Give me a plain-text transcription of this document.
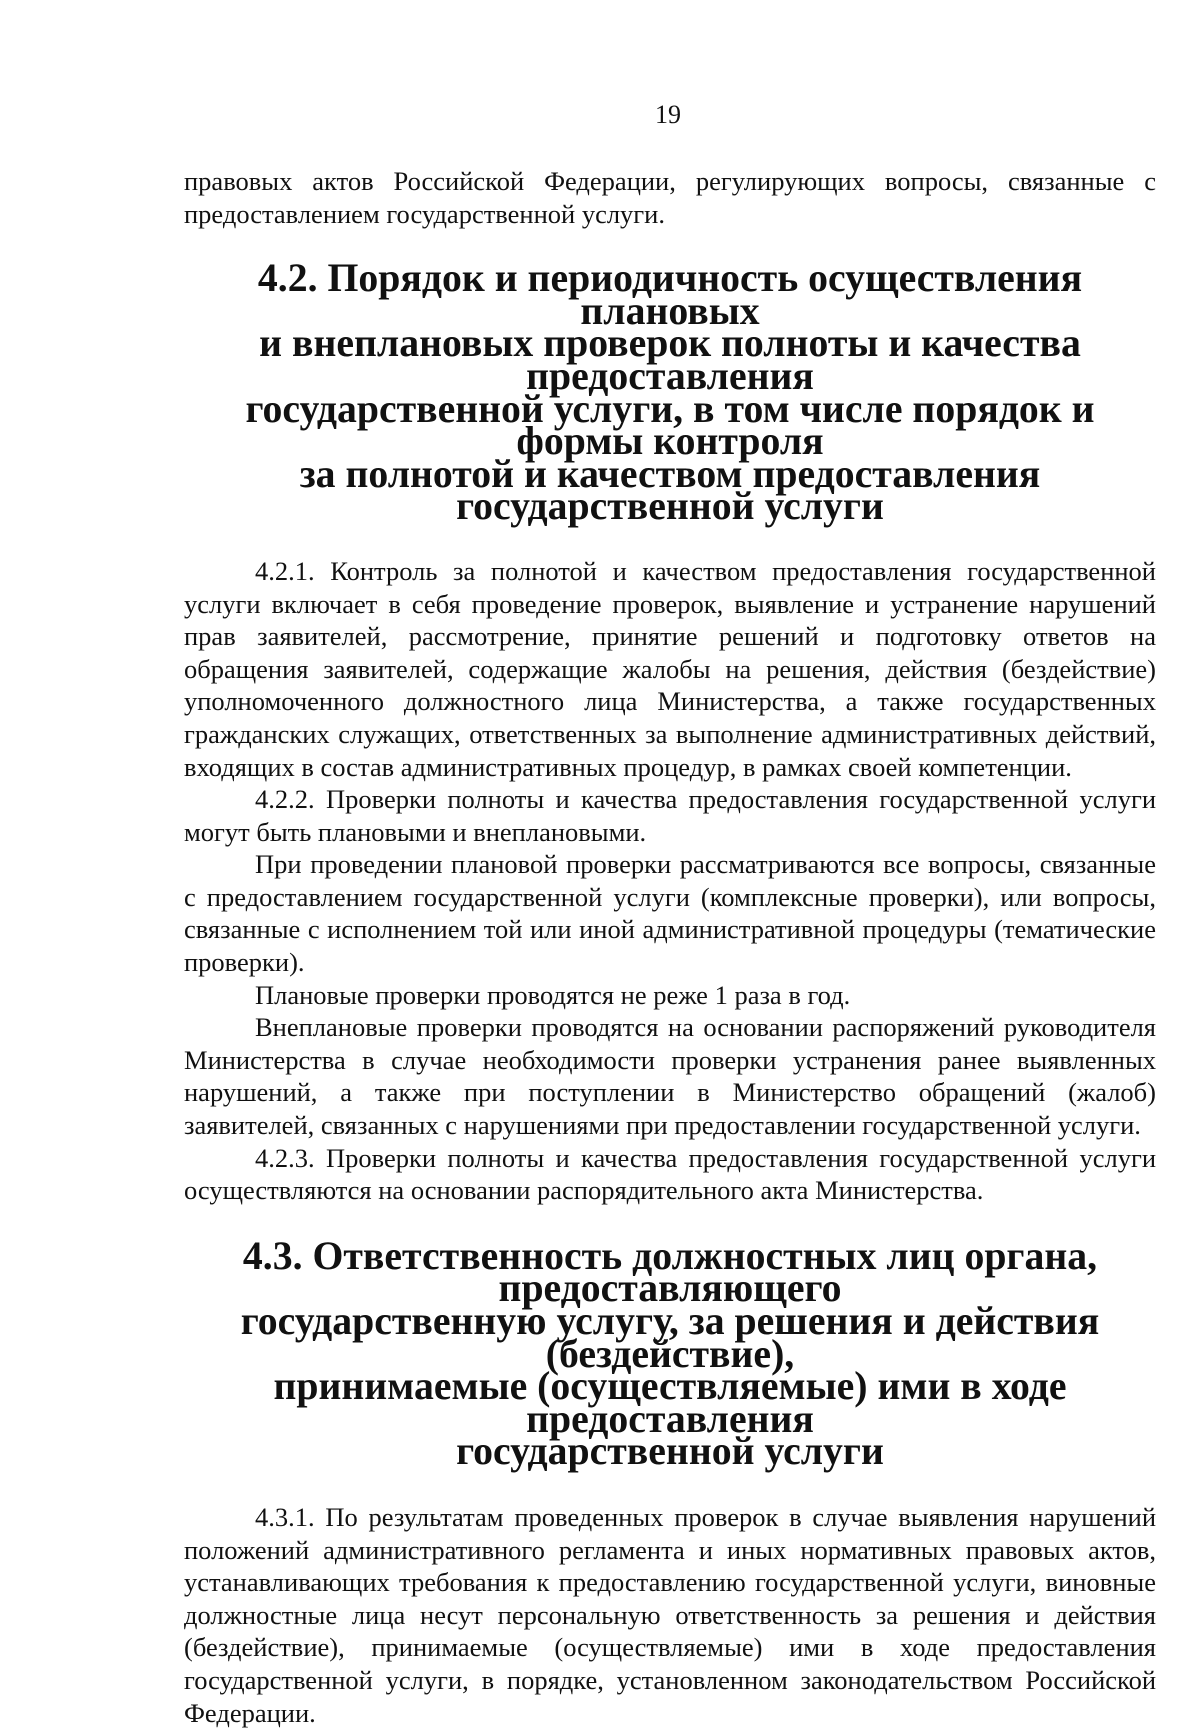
19

правовых актов Российской Федерации, регулирующих вопросы, связанные с предоставлением государственной услуги.

4.2. Порядок и периодичность осуществления плановых
и внеплановых проверок полноты и качества предоставления
государственной услуги, в том числе порядок и формы контроля
за полнотой и качеством предоставления государственной услуги

4.2.1. Контроль за полнотой и качеством предоставления государственной услуги включает в себя проведение проверок, выявление и устранение нарушений прав заявителей, рассмотрение, принятие решений и подготовку ответов на обращения заявителей, содержащие жалобы на решения, действия (бездействие) уполномоченного должностного лица Министерства, а также государственных гражданских служащих, ответственных за выполнение административных действий, входящих в состав административных процедур, в рамках своей компетенции.

4.2.2. Проверки полноты и качества предоставления государственной услуги могут быть плановыми и внеплановыми.

При проведении плановой проверки рассматриваются все вопросы, связанные с предоставлением государственной услуги (комплексные проверки), или вопросы, связанные с исполнением той или иной административной процедуры (тематические проверки).

Плановые проверки проводятся не реже 1 раза в год.

Внеплановые проверки проводятся на основании распоряжений руководителя Министерства в случае необходимости проверки устранения ранее выявленных нарушений, а также при поступлении в Министерство обращений (жалоб) заявителей, связанных с нарушениями при предоставлении государственной услуги.

4.2.3. Проверки полноты и качества предоставления государственной услуги осуществляются на основании распорядительного акта Министерства.

4.3. Ответственность должностных лиц органа, предоставляющего
государственную услугу, за решения и действия (бездействие),
принимаемые (осуществляемые) ими в ходе предоставления
государственной услуги

4.3.1. По результатам проведенных проверок в случае выявления нарушений положений административного регламента и иных нормативных правовых актов, устанавливающих требования к предоставлению государственной услуги, виновные должностные лица несут персональную ответственность за решения и действия (бездействие), принимаемые (осуществляемые) ими в ходе предоставления государственной услуги, в порядке, установленном законодательством Российской Федерации.
